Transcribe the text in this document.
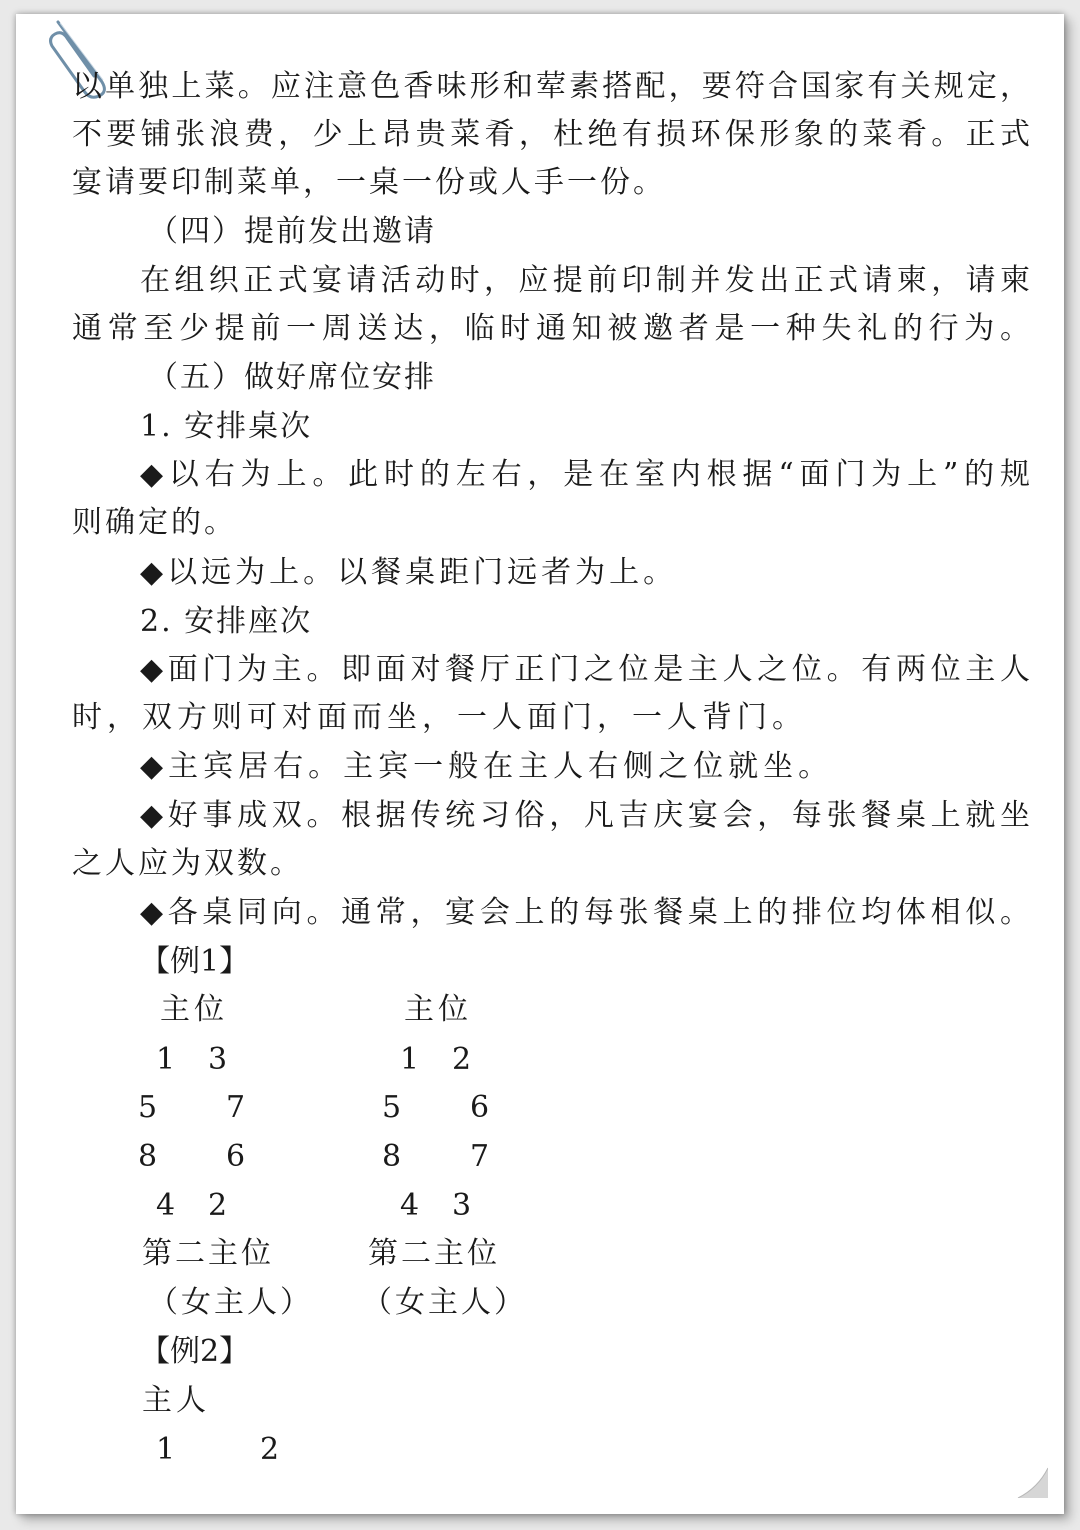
以单独上菜。应注意色香味形和荤素搭配，要符合国家有关规定，

不要铺张浪费，少上昂贵菜肴，杜绝有损环保形象的菜肴。正式

宴请要印制菜单，一桌一份或人手一份。

（四）提前发出邀请

在组织正式宴请活动时，应提前印制并发出正式请柬，请柬

通常至少提前一周送达，临时通知被邀者是一种失礼的行为。

（五）做好席位安排

1. 安排桌次

◆以右为上。此时的左右，是在室内根据“面门为上”的规

则确定的。

◆以远为上。以餐桌距门远者为上。

2. 安排座次

◆面门为主。即面对餐厅正门之位是主人之位。有两位主人

时，双方则可对面而坐，一人面门，一人背门。

◆主宾居右。主宾一般在主人右侧之位就坐。

◆好事成双。根据传统习俗，凡吉庆宴会，每张餐桌上就坐

之人应为双数。

◆各桌同向。通常，宴会上的每张餐桌上的排位均体相似。

【例1】

主位	主位

1 3	1 2
5 7	5 6
8 6	8 7
4 2	4 3

第二主位	第二主位

（女主人） （女主人）

【例2】

主人

1	2
